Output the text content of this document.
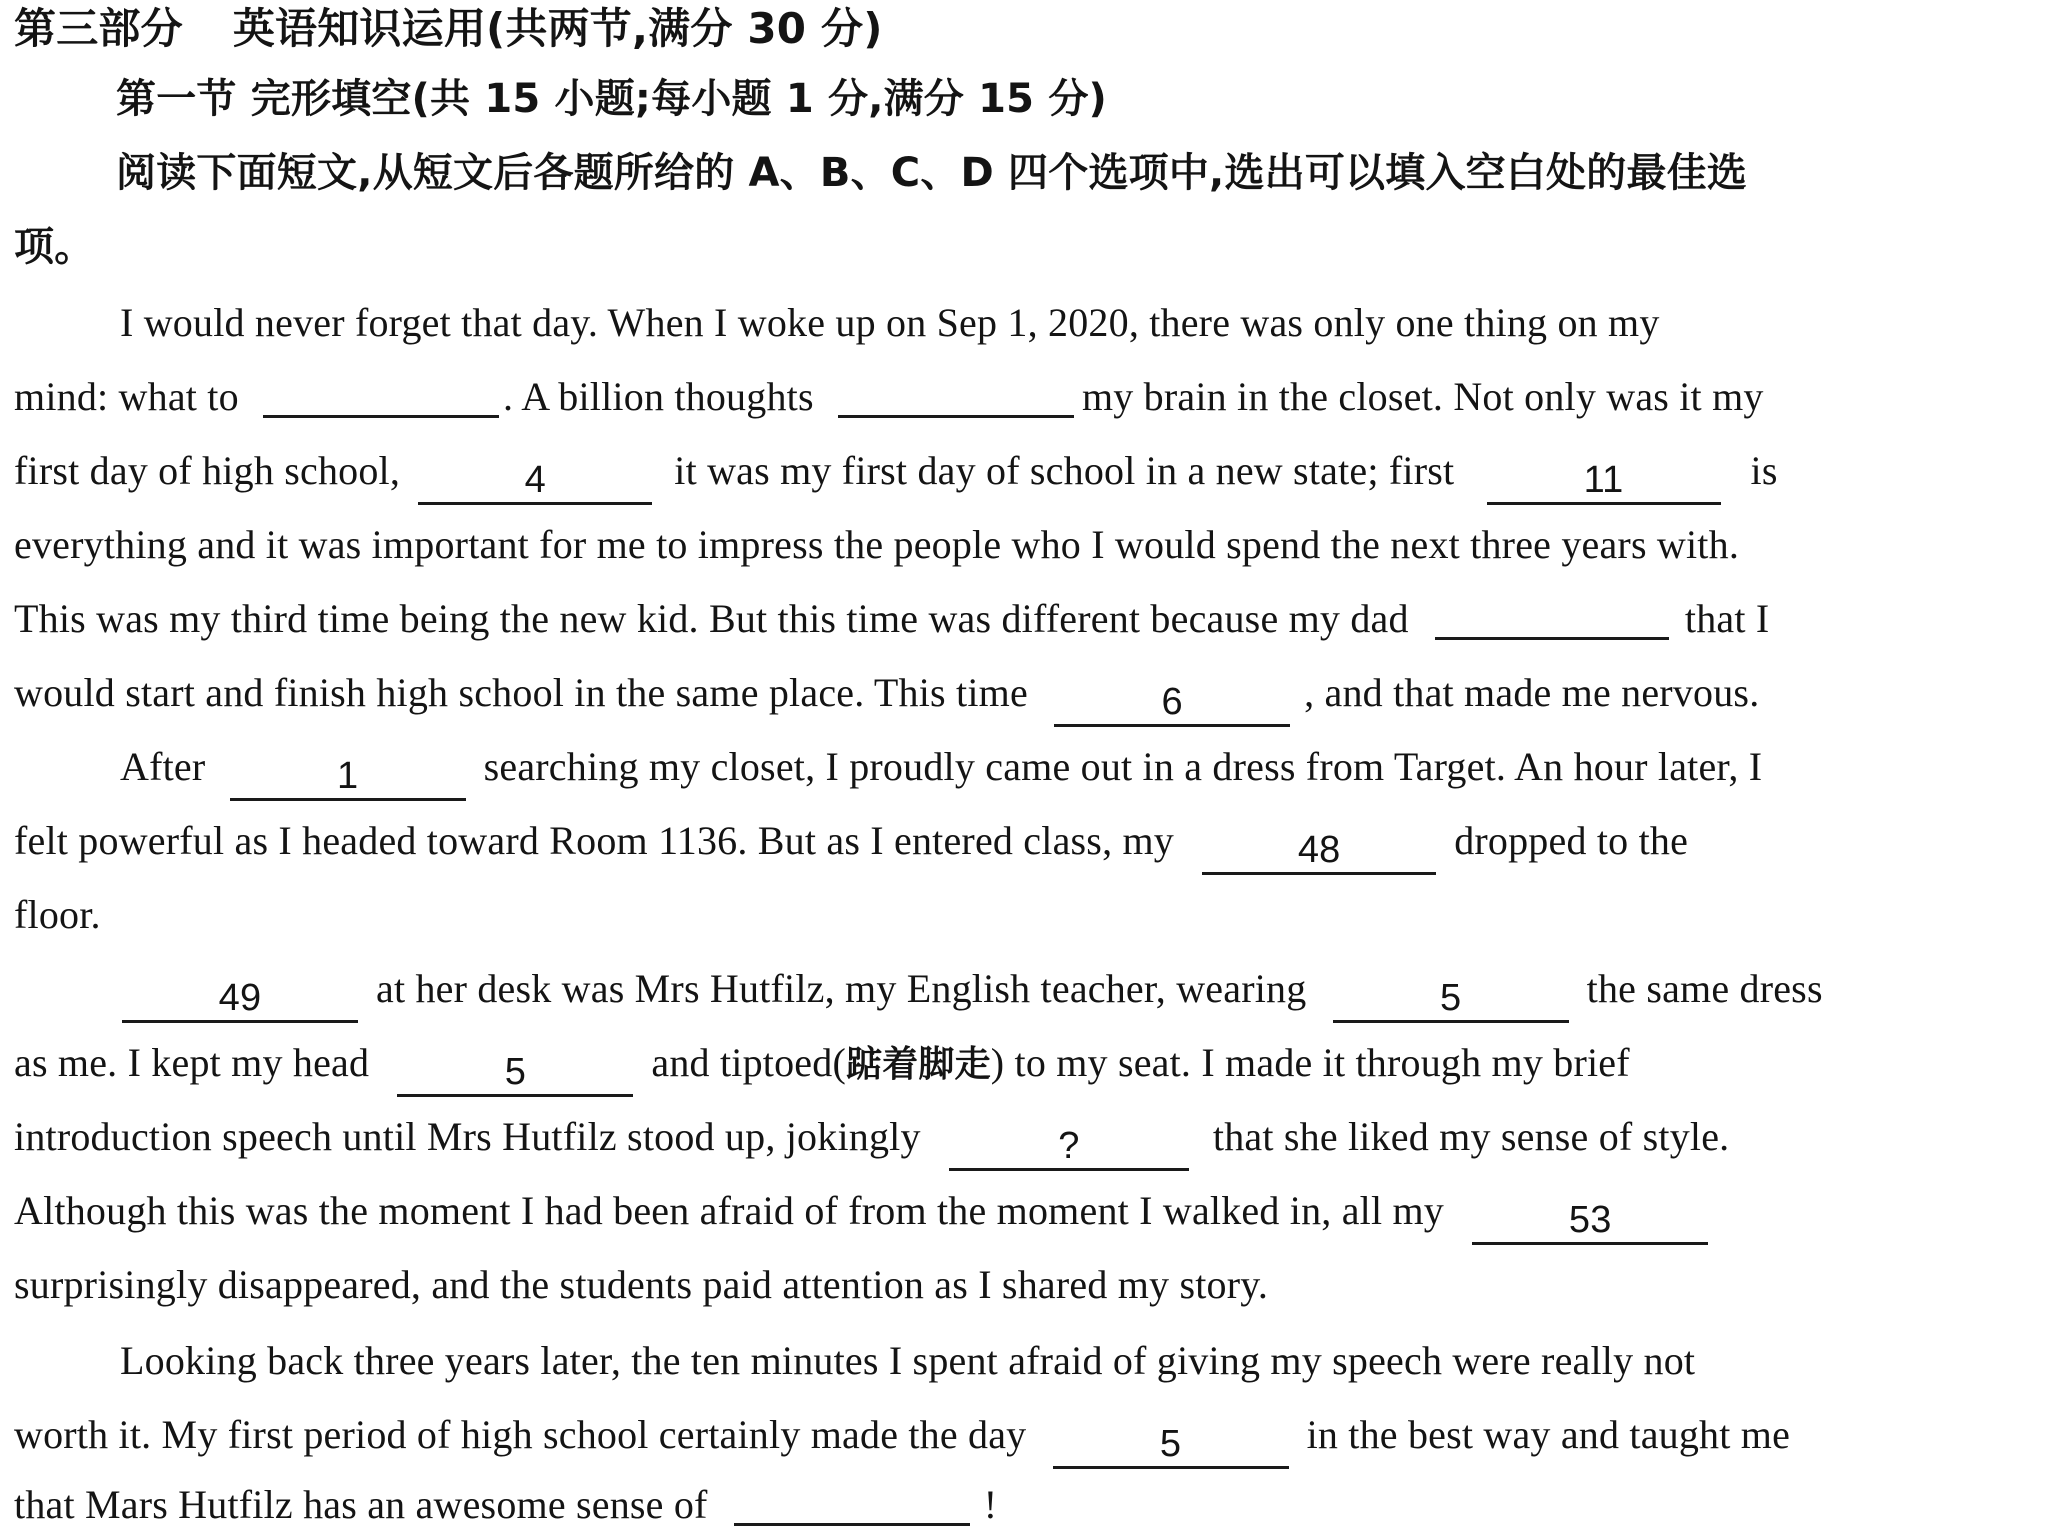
第三部分 英语知识运用(共两节,满分 30 分)
第一节 完形填空(共 15 小题;每小题 1 分,满分 15 分)
阅读下面短文,从短文后各题所给的 A、B、C、D 四个选项中,选出可以填入空白处的最佳选
项。
I would never forget that day. When I woke up on Sep 1, 2020, there was only one thing on my
mind: what to	. A billion thoughts	my brain in the closet. Not only was it my
first day of high school,	4	it was my first day of school in a new state; first	11	is
everything and it was important for me to impress the people who I would spend the next three years with.
This was my third time being the new kid. But this time was different because my dad	that I
would start and finish high school in the same place. This time	6	, and that made me nervous.
After	1	searching my closet, I proudly came out in a dress from Target. An hour later, I
felt powerful as I headed toward Room 1136. But as I entered class, my	48	dropped to the
floor.
49	at her desk was Mrs Hutfilz, my English teacher, wearing	5	the same dress
as me. I kept my head	5	and tiptoed(踮着脚走) to my seat. I made it through my brief
introduction speech until Mrs Hutfilz stood up, jokingly	?	that she liked my sense of style.
Although this was the moment I had been afraid of from the moment I walked in, all my	53
surprisingly disappeared, and the students paid attention as I shared my story.
Looking back three years later, the ten minutes I spent afraid of giving my speech were really not
worth it. My first period of high school certainly made the day	5	in the best way and taught me
that Mars Hutfilz has an awesome sense of	!
